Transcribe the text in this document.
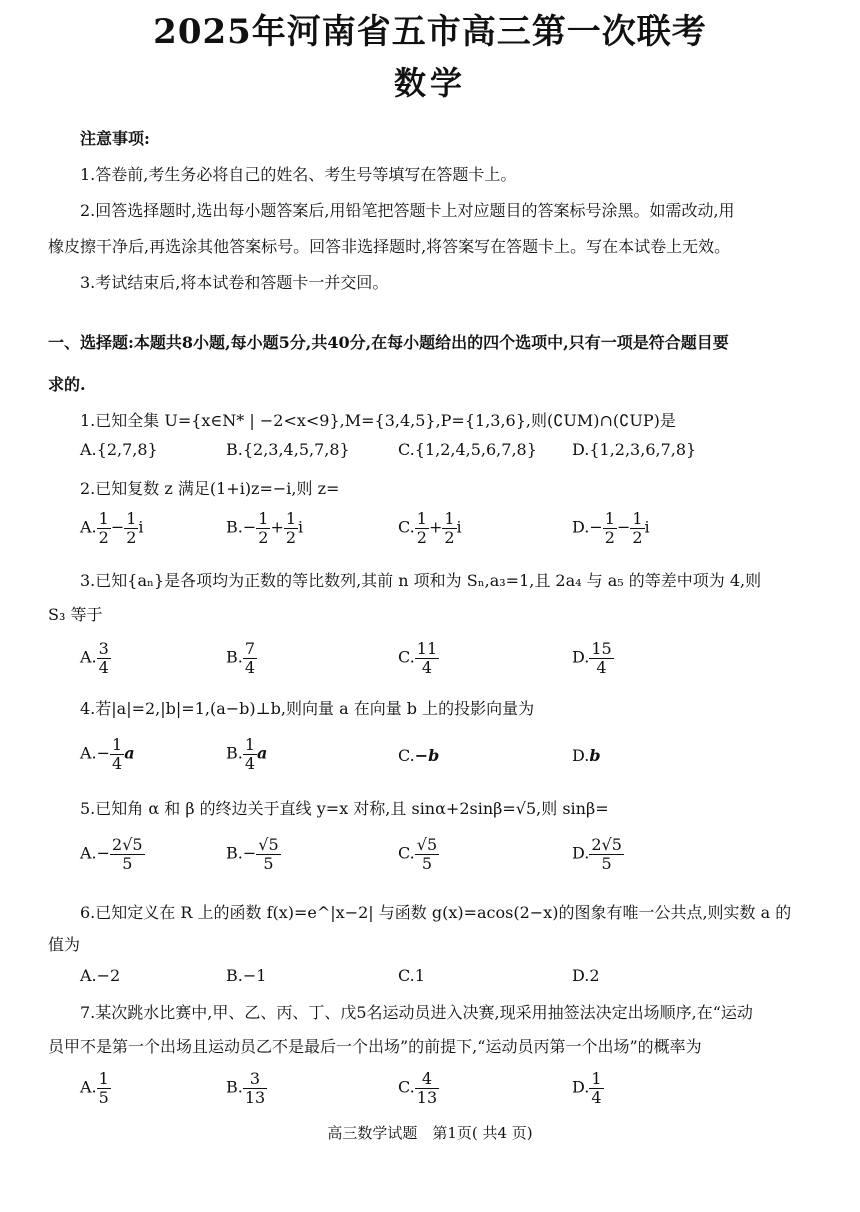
2025年河南省五市高三第一次联考
数学
注意事项:
1.答卷前,考生务必将自己的姓名、考生号等填写在答题卡上。
2.回答选择题时,选出每小题答案后,用铅笔把答题卡上对应题目的答案标号涂黑。如需改动,用
橡皮擦干净后,再选涂其他答案标号。回答非选择题时,将答案写在答题卡上。写在本试卷上无效。
3.考试结束后,将本试卷和答题卡一并交回。
一、选择题:本题共8小题,每小题5分,共40分,在每小题给出的四个选项中,只有一项是符合题目要
求的.
1.已知全集 U={x∈N* | −2<x<9},M={3,4,5},P={1,3,6},则(∁UM)∩(∁UP)是
A.{2,7,8}	B.{2,3,4,5,7,8}	C.{1,2,4,5,6,7,8} D.{1,2,3,6,7,8}
2.已知复数 z 满足(1+i)z=−i,则 z=
A. $\frac{1}{2} - \frac{1}{2}$ i	$B.- \frac{1}{2} + \frac{1}{2}$ i	C. $\frac{1}{2} + \frac{1}{2}$ i	$D.- \frac{1}{2} - \frac{1}{2}$ i
3.已知{aₙ}是各项均为正数的等比数列,其前 n 项和为 Sₙ,a₃=1,且 2a₄ 与 a₅ 的等差中项为 4,则
S₃ 等于
A. $\frac{3}{4}$	B. $\frac{7}{4}$	C. $\frac{11}{4}$	D. $\frac{15}{4}$
4.若|a|=2,|b|=1,(a−b)⊥b,则向量 a 在向量 b 上的投影向量为
$A.- \frac{1}{4}$ a	B. $\frac{1}{4}$ a	C.−b	D.b
5.已知角 α 和 β 的终边关于直线 y=x 对称,且 sinα+2sinβ=√5,则 sinβ=
$A.- \frac{2√5}{5}$	$B.- \frac{√5}{5}$	C. $\frac{√5}{5}$	D. $\frac{2√5}{5}$
6.已知定义在 R 上的函数 f(x)=e^|x−2| 与函数 g(x)=acos(2−x)的图象有唯一公共点,则实数 a 的
值为
A.−2	B.−1	C.1	D.2
7.某次跳水比赛中,甲、乙、丙、丁、戊5名运动员进入决赛,现采用抽签法决定出场顺序,在“运动
员甲不是第一个出场且运动员乙不是最后一个出场”的前提下,“运动员丙第一个出场”的概率为
A. $\frac{1}{5}$	B. $\frac{3}{13}$	C. $\frac{4}{13}$	D. $\frac{1}{4}$
高三数学试题　第1页( 共4 页)
